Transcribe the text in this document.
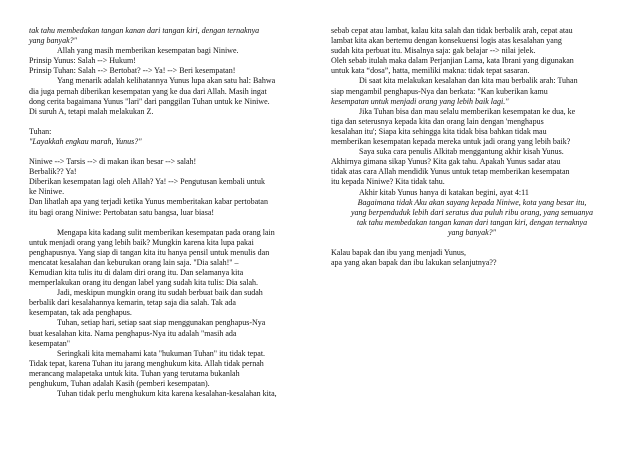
tak tahu membedakan tangan kanan dari tangan kiri, dengan ternaknya

yang banyak?"

Allah yang masih memberikan kesempatan bagi Niniwe.

Prinsip Yunus: Salah --> Hukum!

Prinsip Tuhan: Salah --> Bertobat? --> Ya! --> Beri kesempatan!

Yang menarik adalah kelihatannya Yunus lupa akan satu hal: Bahwa

dia juga pernah diberikan kesempatan yang ke dua dari Allah. Masih ingat

dong cerita bagaimana Yunus "lari" dari panggilan Tuhan untuk ke Niniwe.

Di suruh A, tetapi malah melakukan Z.

Tuhan:

"Layakkah engkau marah, Yunus?"

Niniwe --> Tarsis --> di makan ikan besar --> salah!

Berbalik?? Ya!

Diberikan kesempatan lagi oleh Allah? Ya! --> Pengutusan kembali untuk

ke Niniwe.

Dan lihatlah apa yang terjadi ketika Yunus memberitakan kabar pertobatan

itu bagi orang Niniwe: Pertobatan satu bangsa, luar biasa!

Mengapa kita kadang sulit memberikan kesempatan pada orang lain

untuk menjadi orang yang lebih baik? Mungkin karena kita lupa pakai

penghapusnya. Yang siap di tangan kita itu hanya pensil untuk menulis dan

mencatat kesalahan dan keburukan orang lain saja. "Dia salah!" –

Kemudian kita tulis itu di dalam diri orang itu. Dan selamanya kita

memperlakukan orang itu dengan label yang sudah kita tulis: Dia salah.

Jadi, meskipun mungkin orang itu sudah berbuat baik dan sudah

berbalik dari kesalahannya kemarin, tetap saja dia salah. Tak ada

kesempatan, tak ada penghapus.

Tuhan, setiap hari, setiap saat siap menggunakan penghapus-Nya

buat kesalahan kita. Nama penghapus-Nya itu adalah "masih ada

kesempatan"

Seringkali kita memahami kata "hukuman Tuhan" itu tidak tepat.

Tidak tepat, karena Tuhan itu jarang menghukum kita. Allah tidak pernah

merancang malapetaka untuk kita. Tuhan yang terutama bukanlah

penghukum, Tuhan adalah Kasih (pemberi kesempatan).

Tuhan tidak perlu menghukum kita karena kesalahan-kesalahan kita,

sebab cepat atau lambat, kalau kita salah dan tidak berbalik arah, cepat atau

lambat kita akan bertemu dengan konsekuensi logis atas kesalahan yang

sudah kita perbuat itu. Misalnya saja: gak belajar --> nilai jelek.

Oleh sebab itulah maka dalam Perjanjian Lama, kata Ibrani yang digunakan

untuk kata “dosa”, hatta, memiliki makna: tidak tepat sasaran.

Di saat kita melakukan kesalahan dan kita mau berbalik arah: Tuhan

siap mengambil penghapus-Nya dan berkata: "Kan kuberikan kamu

kesempatan untuk menjadi orang yang lebih baik lagi."

Jika Tuhan bisa dan mau selalu memberikan kesempatan ke dua, ke

tiga dan seterusnya kepada kita dan orang lain dengan 'menghapus

kesalahan itu'; Siapa kita sehingga kita tidak bisa bahkan tidak mau

memberikan kesempatan kepada mereka untuk jadi orang yang lebih baik?

Saya suka cara penulis Alkitab menggantung akhir kisah Yunus.

Akhirnya gimana sikap Yunus? Kita gak tahu. Apakah Yunus sadar atau

tidak atas cara Allah mendidik Yunus untuk tetap memberikan kesempatan

itu kepada Niniwe? Kita tidak tahu.

Akhir kitab Yunus hanya di katakan begini, ayat 4:11

Bagaimana tidak Aku akan sayang kepada Niniwe, kota yang besar itu,

yang berpenduduk lebih dari seratus dua puluh ribu orang, yang semuanya

tak tahu membedakan tangan kanan dari tangan kiri, dengan ternaknya

yang banyak?"

Kalau bapak dan ibu yang menjadi Yunus,

apa yang akan bapak dan ibu lakukan selanjutnya??
